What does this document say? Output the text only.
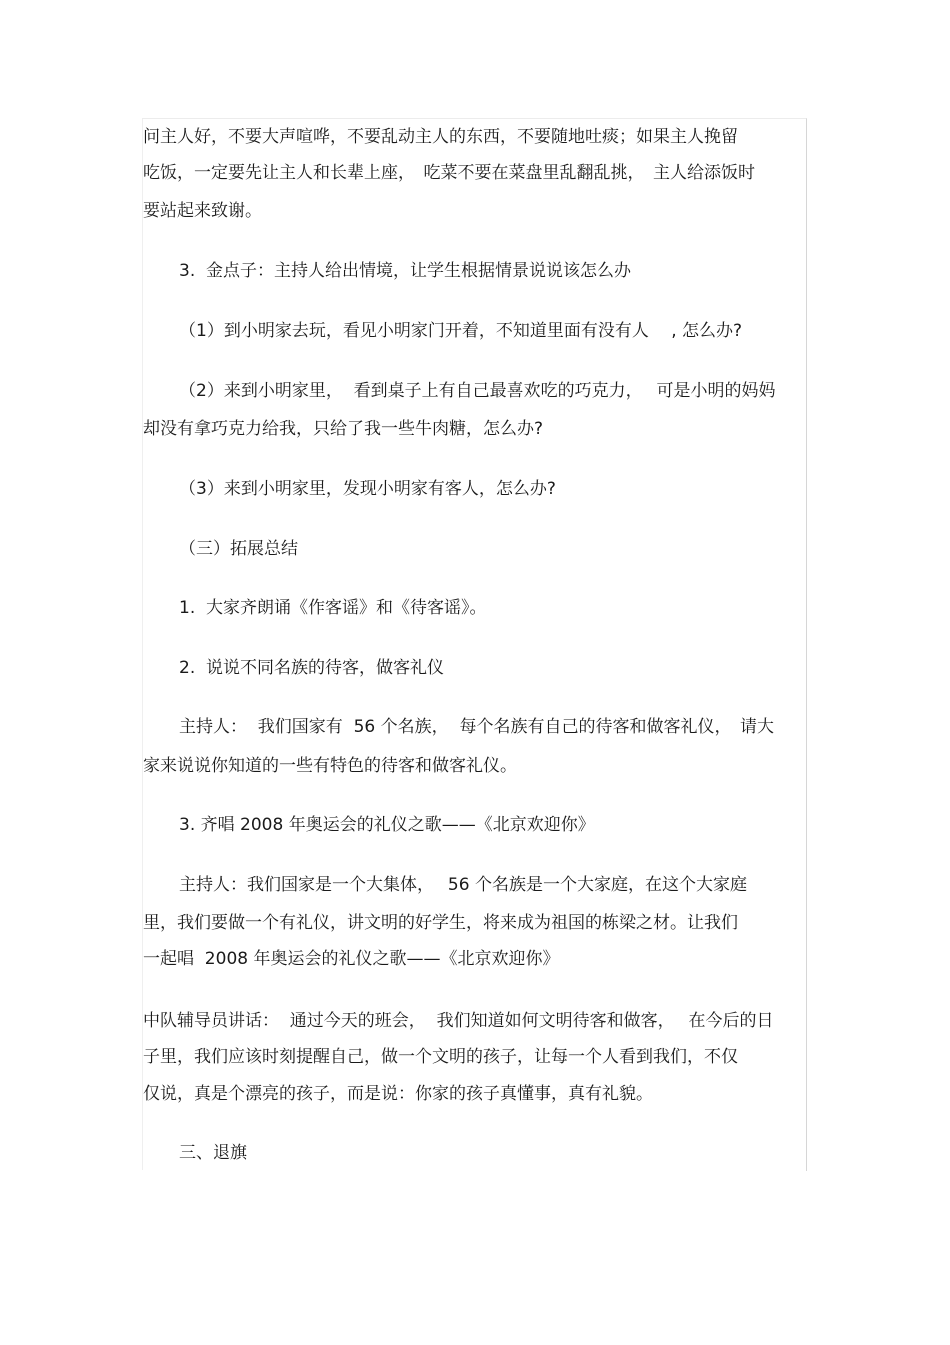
问主人好，不要大声喧哗，不要乱动主人的东西，不要随地吐痰；如果主人挽留
吃饭，一定要先让主人和长辈上座，　吃菜不要在菜盘里乱翻乱挑，　主人给添饭时
要站起来致谢。
3.  金点子：主持人给出情境，让学生根据情景说说该怎么办
（1）到小明家去玩，看见小明家门开着，不知道里面有没有人　 , 怎么办?
（2）来到小明家里，  看到桌子上有自己最喜欢吃的巧克力，　 可是小明的妈妈
却没有拿巧克力给我，只给了我一些牛肉糖，怎么办?
（3）来到小明家里，发现小明家有客人，怎么办?
（三）拓展总结
1.  大家齐朗诵《作客谣》和《待客谣》。
2.  说说不同名族的待客，做客礼仪
主持人：  我们国家有  56 个名族，  每个名族有自己的待客和做客礼仪，　请大
家来说说你知道的一些有特色的待客和做客礼仪。
3. 齐唱 2008 年奥运会的礼仪之歌——《北京欢迎你》
主持人：我们国家是一个大集体，　 56 个名族是一个大家庭，在这个大家庭
里，我们要做一个有礼仪，讲文明的好学生，将来成为祖国的栋梁之材。让我们
一起唱  2008 年奥运会的礼仪之歌——《北京欢迎你》
中队辅导员讲话：  通过今天的班会，  我们知道如何文明待客和做客，　 在今后的日
子里，我们应该时刻提醒自己，做一个文明的孩子，让每一个人看到我们，不仅
仅说，真是个漂亮的孩子，而是说：你家的孩子真懂事，真有礼貌。
三、退旗
